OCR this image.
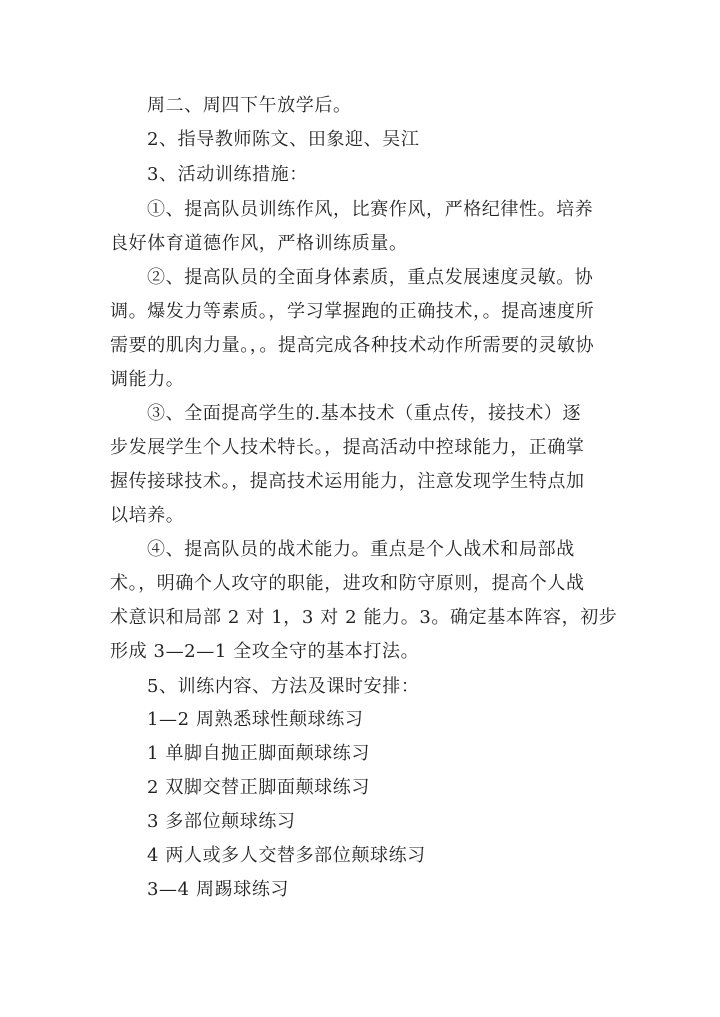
周二、周四下午放学后。
2、指导教师陈文、田象迎、吴江
3、活动训练措施：
①、提高队员训练作风，比赛作风，严格纪律性。培养
良好体育道德作风，严格训练质量。
②、提高队员的全面身体素质，重点发展速度灵敏。协
调。爆发力等素质。，学习掌握跑的正确技术，。提高速度所
需要的肌肉力量。，。提高完成各种技术动作所需要的灵敏协
调能力。
③、全面提高学生的.基本技术（重点传，接技术）逐
步发展学生个人技术特长。，提高活动中控球能力，正确掌
握传接球技术。，提高技术运用能力，注意发现学生特点加
以培养。
④、提高队员的战术能力。重点是个人战术和局部战
术。，明确个人攻守的职能，进攻和防守原则，提高个人战
术意识和局部 2 对 1，3 对 2 能力。3。确定基本阵容，初步
形成 3—2—1 全攻全守的基本打法。
5、训练内容、方法及课时安排：
1—2 周熟悉球性颠球练习
1 单脚自抛正脚面颠球练习
2 双脚交替正脚面颠球练习
3 多部位颠球练习
4 两人或多人交替多部位颠球练习
3—4 周踢球练习
